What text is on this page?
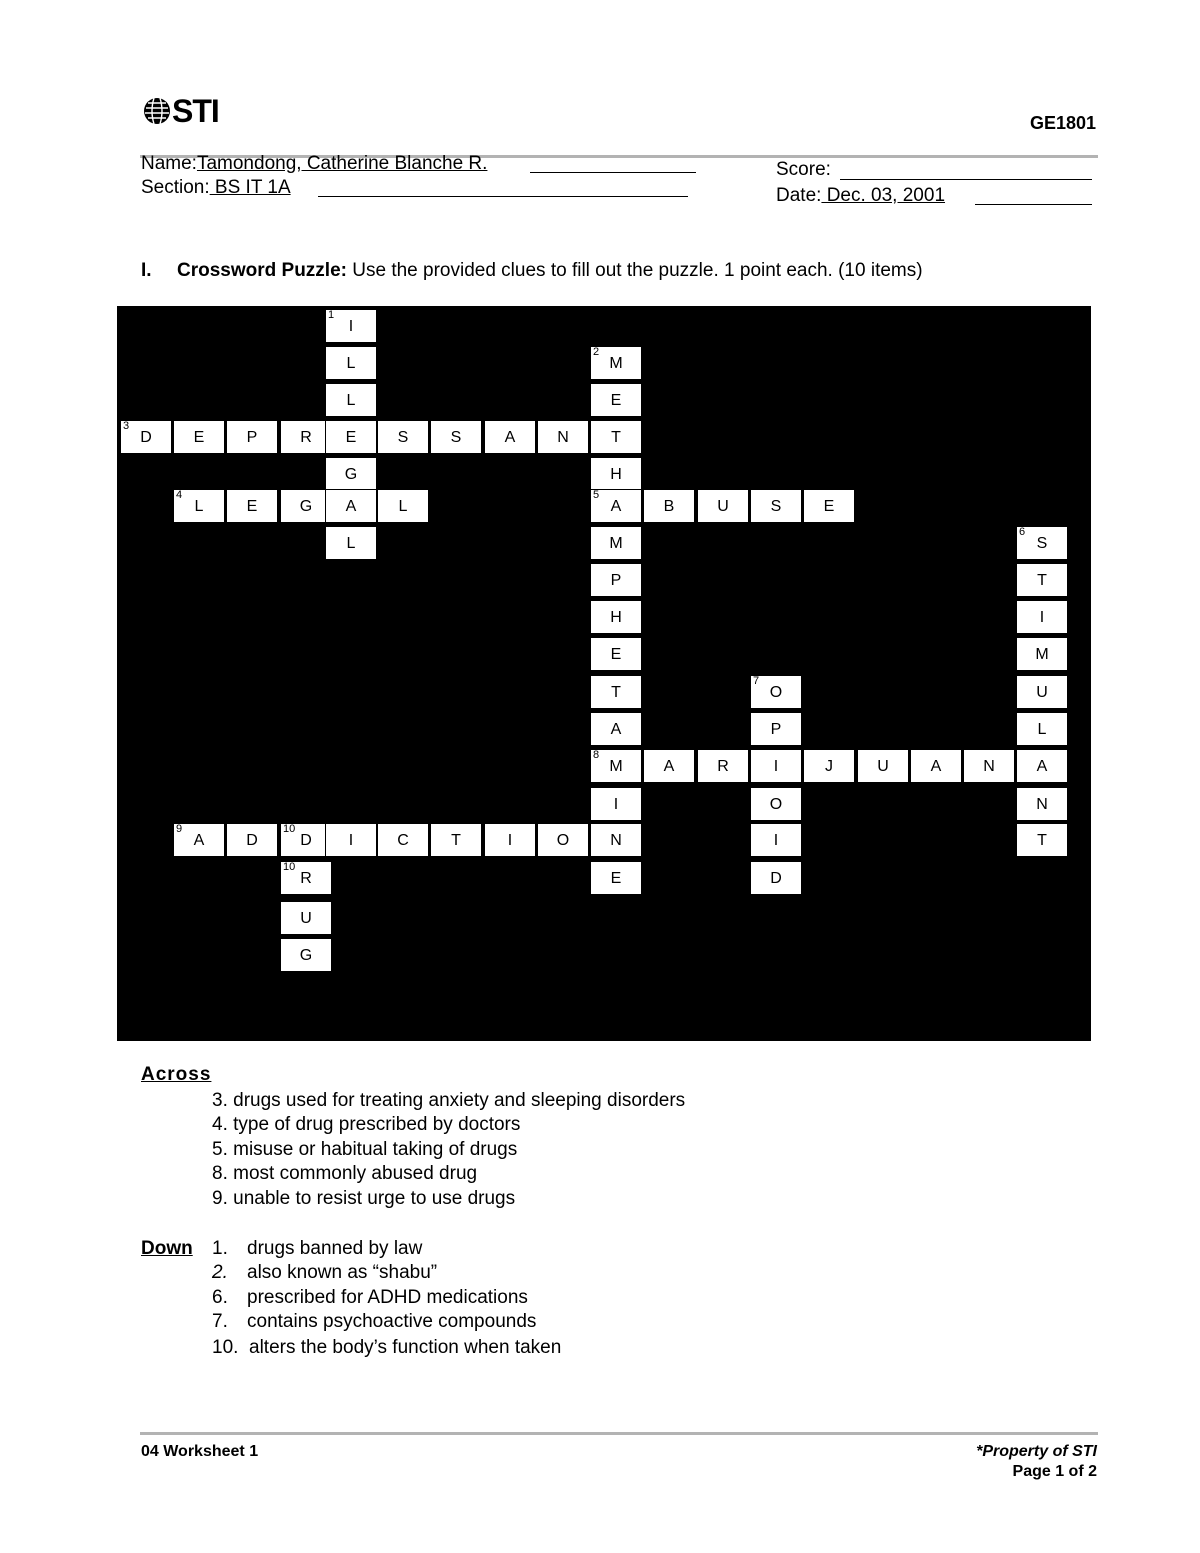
STI	GE1801
Name:Tamondong, Catherine Blanche R.
Section: BS IT 1A
Score:
Date: Dec. 03, 2001
I. Crossword Puzzle: Use the provided clues to fill out the puzzle. 1 point each. (10 items)
1
I
L
L
2
M
E
3
D	E	P	R E	S	S	A	N	T
G	H
4
L	E	G A	L
5
A	B	U	S	E
L	M
6
S
P	T
H	I
E	M
T
7
O	U
A	P	L
8
M	A	R	I	J	U	A	N	A
I	O	N
9
A	D
10
D I	C	T	I	O	N	I	T
10
R	E	D
U
G
Across
3. drugs used for treating anxiety and sleeping disorders
4. type of drug prescribed by doctors
5. misuse or habitual taking of drugs
8. most commonly abused drug
9. unable to resist urge to use drugs
Down 1. drugs banned by law
2. also known as “shabu”
6. prescribed for ADHD medications
7. contains psychoactive compounds
10. alters the body’s function when taken
04 Worksheet 1	*Property of STI
Page 1 of 2
